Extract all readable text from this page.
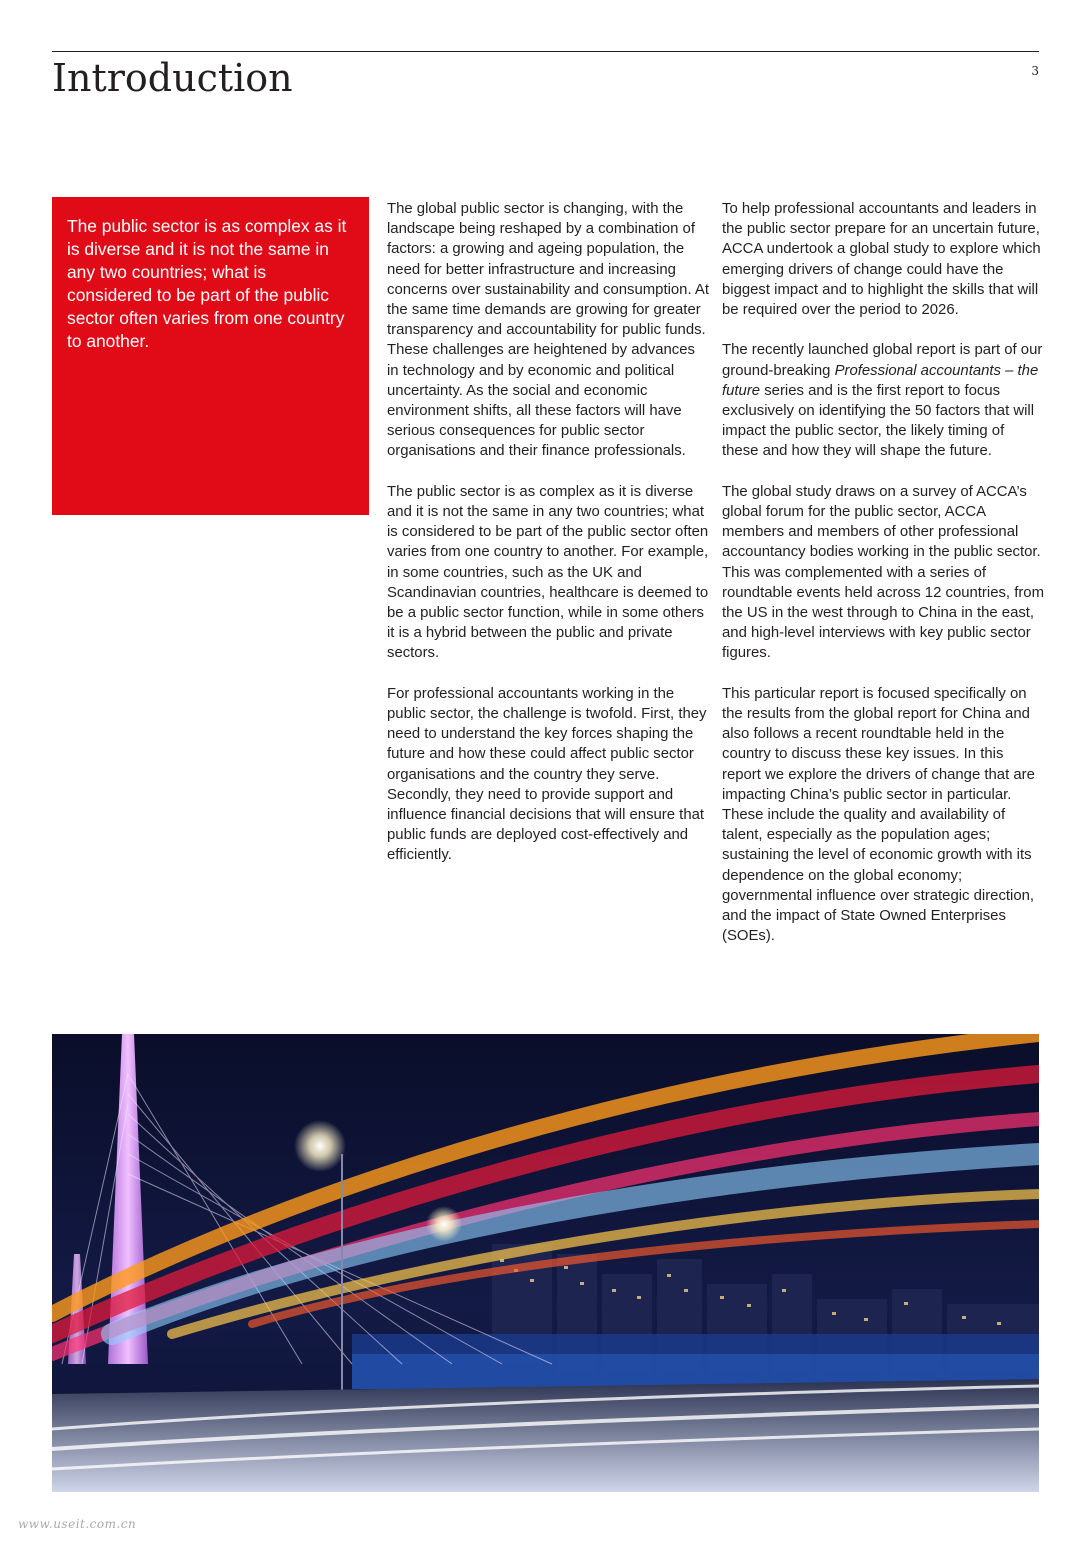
Introduction	3

The public sector is as complex as it is diverse and it is not the same in any two countries; what is considered to be part of the public sector often varies from one country to another.

The global public sector is changing, with the landscape being reshaped by a combination of factors: a growing and ageing population, the need for better infrastructure and increasing concerns over sustainability and consumption. At the same time demands are growing for greater transparency and accountability for public funds. These challenges are heightened by advances in technology and by economic and political uncertainty. As the social and economic environment shifts, all these factors will have serious consequences for public sector organisations and their finance professionals.

The public sector is as complex as it is diverse and it is not the same in any two countries; what is considered to be part of the public sector often varies from one country to another. For example, in some countries, such as the UK and Scandinavian countries, healthcare is deemed to be a public sector function, while in some others it is a hybrid between the public and private sectors.

For professional accountants working in the public sector, the challenge is twofold. First, they need to understand the key forces shaping the future and how these could affect public sector organisations and the country they serve. Secondly, they need to provide support and influence financial decisions that will ensure that public funds are deployed cost-effectively and efficiently.

To help professional accountants and leaders in the public sector prepare for an uncertain future, ACCA undertook a global study to explore which emerging drivers of change could have the biggest impact and to highlight the skills that will be required over the period to 2026.

The recently launched global report is part of our ground-breaking Professional accountants – the future series and is the first report to focus exclusively on identifying the 50 factors that will impact the public sector, the likely timing of these and how they will shape the future.

The global study draws on a survey of ACCA’s global forum for the public sector, ACCA members and members of other professional accountancy bodies working in the public sector. This was complemented with a series of roundtable events held across 12 countries, from the US in the west through to China in the east, and high-level interviews with key public sector figures.

This particular report is focused specifically on the results from the global report for China and also follows a recent roundtable held in the country to discuss these key issues. In this report we explore the drivers of change that are impacting China’s public sector in particular. These include the quality and availability of talent, especially as the population ages; sustaining the level of economic growth with its dependence on the global economy; governmental influence over strategic direction, and the impact of State Owned Enterprises (SOEs).

www.useit.com.cn
